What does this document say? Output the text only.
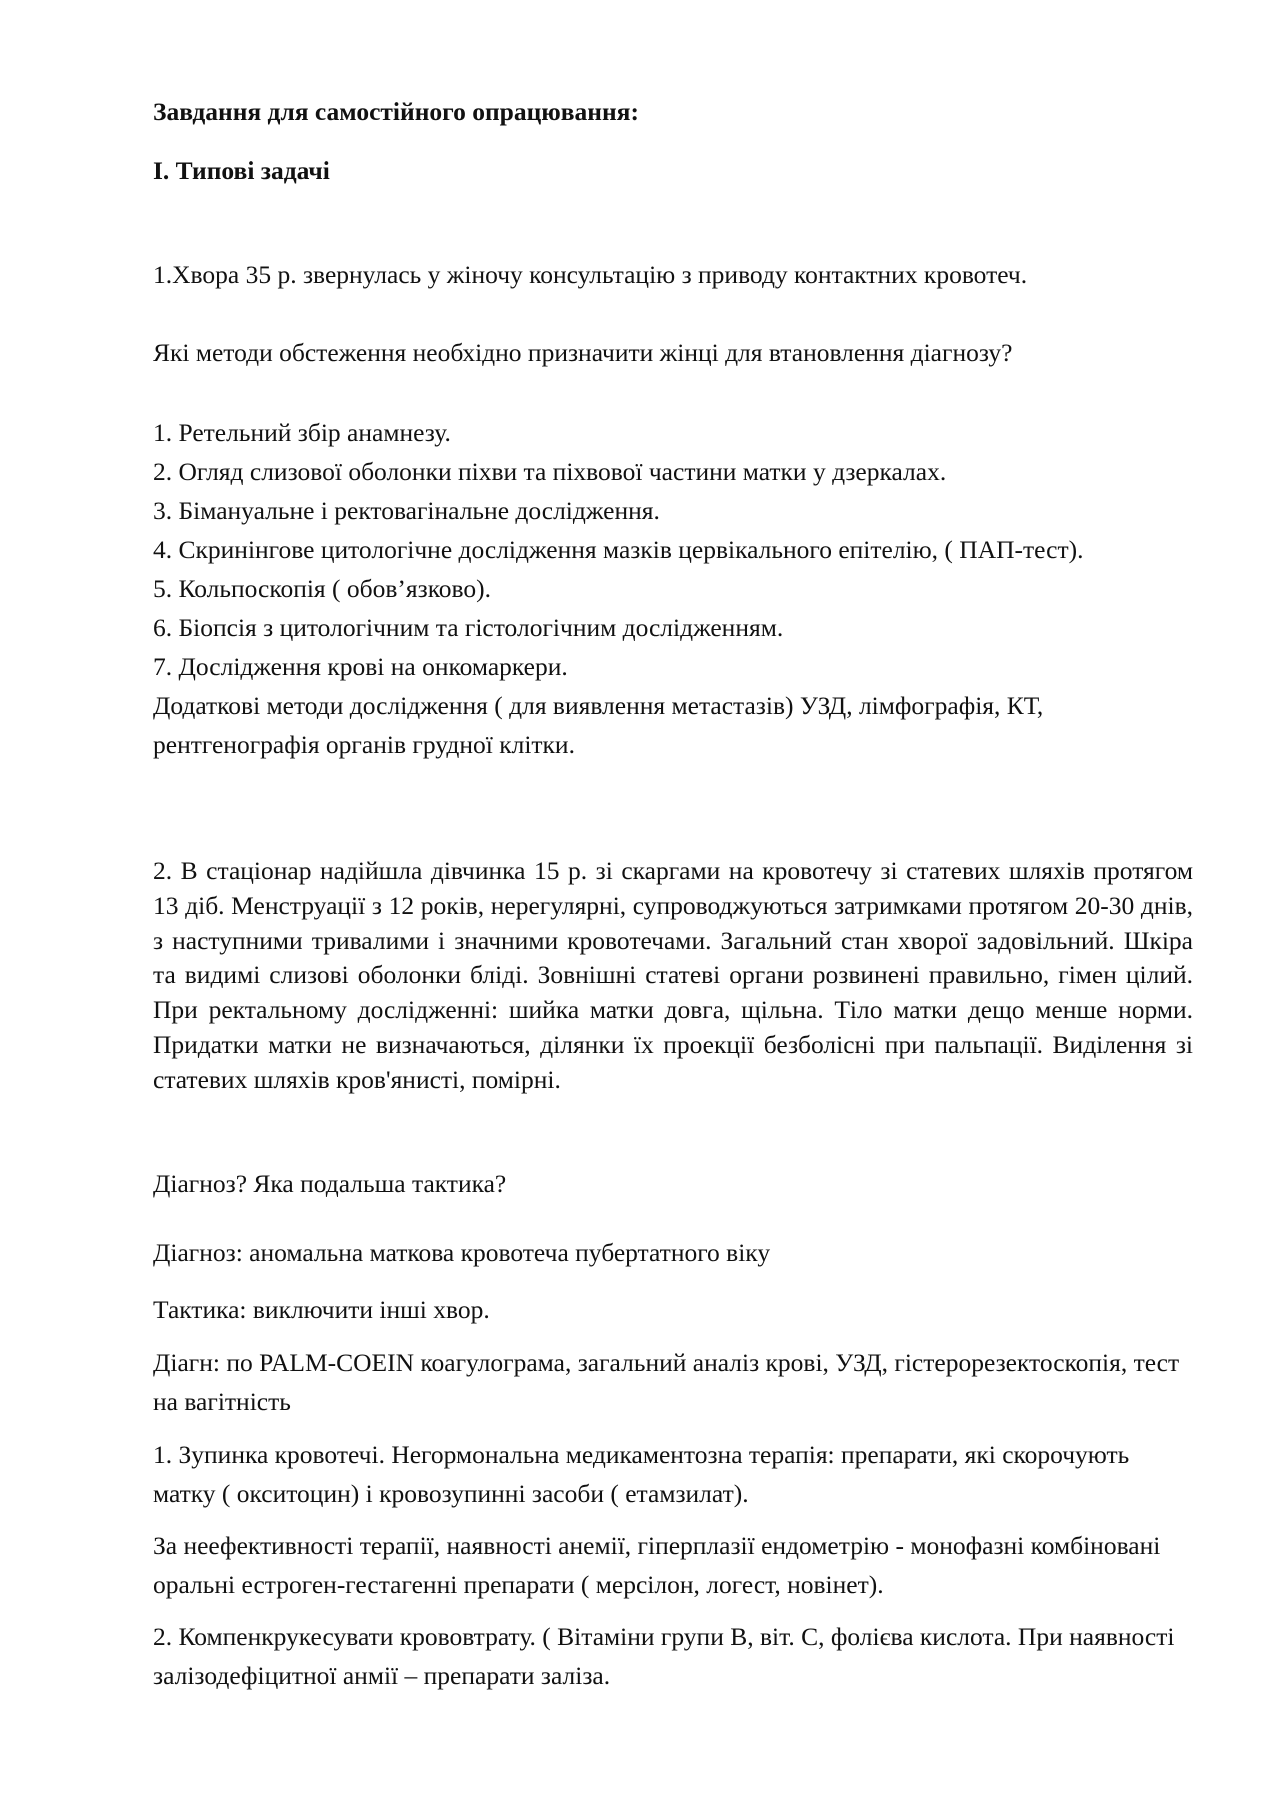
Завдання для самостійного опрацювання:

I. Типові задачі

1.Хвора 35 р. звернулась у жіночу консультацію з приводу контактних кровотеч.

Які методи обстеження необхідно призначити жінці для втановлення діагнозу?

1. Ретельний збір анамнезу.
2. Огляд слизової оболонки піхви та піхвової частини матки у дзеркалах.
3. Бімануальне і ректовагінальне дослідження.
4. Скринінгове цитологічне дослідження мазків цервікального епітелію, ( ПАП-тест).
5. Кольпоскопія ( обов’язково).
6. Біопсія з цитологічним та гістологічним дослідженням.
7. Дослідження крові на онкомаркери.
Додаткові методи дослідження ( для виявлення метастазів) УЗД, лімфографія, КТ, рентгенографія органів грудної клітки.

2. В стаціонар надійшла дівчинка 15 р. зі скаргами на кровотечу зі статевих шляхів протягом 13 діб. Менструації з 12 років, нерегулярні, супроводжуються затримками протягом 20-30 днів, з наступними тривалими і значними кровотечами. Загальний стан хворої задовільний. Шкіра та видимі слизові оболонки бліді. Зовнішні статеві органи розвинені правильно, гімен цілий. При ректальному дослідженні: шийка матки довга, щільна. Тіло матки дещо менше норми. Придатки матки не визначаються, ділянки їх проекції безболісні при пальпації. Виділення зі статевих шляхів кров'янисті, помірні.

Діагноз? Яка подальша тактика?

Діагноз: аномальна маткова кровотеча пубертатного віку

Тактика: виключити інші хвор.

Діагн: по PALM-COEIN коагулограма, загальний аналіз крові, УЗД, гістерорезектоскопія, тест на вагітність

1. Зупинка кровотечі. Негормональна медикаментозна терапія: препарати, які скорочують матку ( окситоцин) і кровозупинні засоби ( етамзилат).

За неефективності терапії, наявності анемії, гіперплазії ендометрію - монофазні комбіновані оральні естроген-гестагенні препарати ( мерсілон, логест, новінет).

2. Компенкрукесувати крововтрату. ( Вітаміни групи В, віт. С, фолієва кислота. При наявності залізодефіцитної анмії – препарати заліза.
